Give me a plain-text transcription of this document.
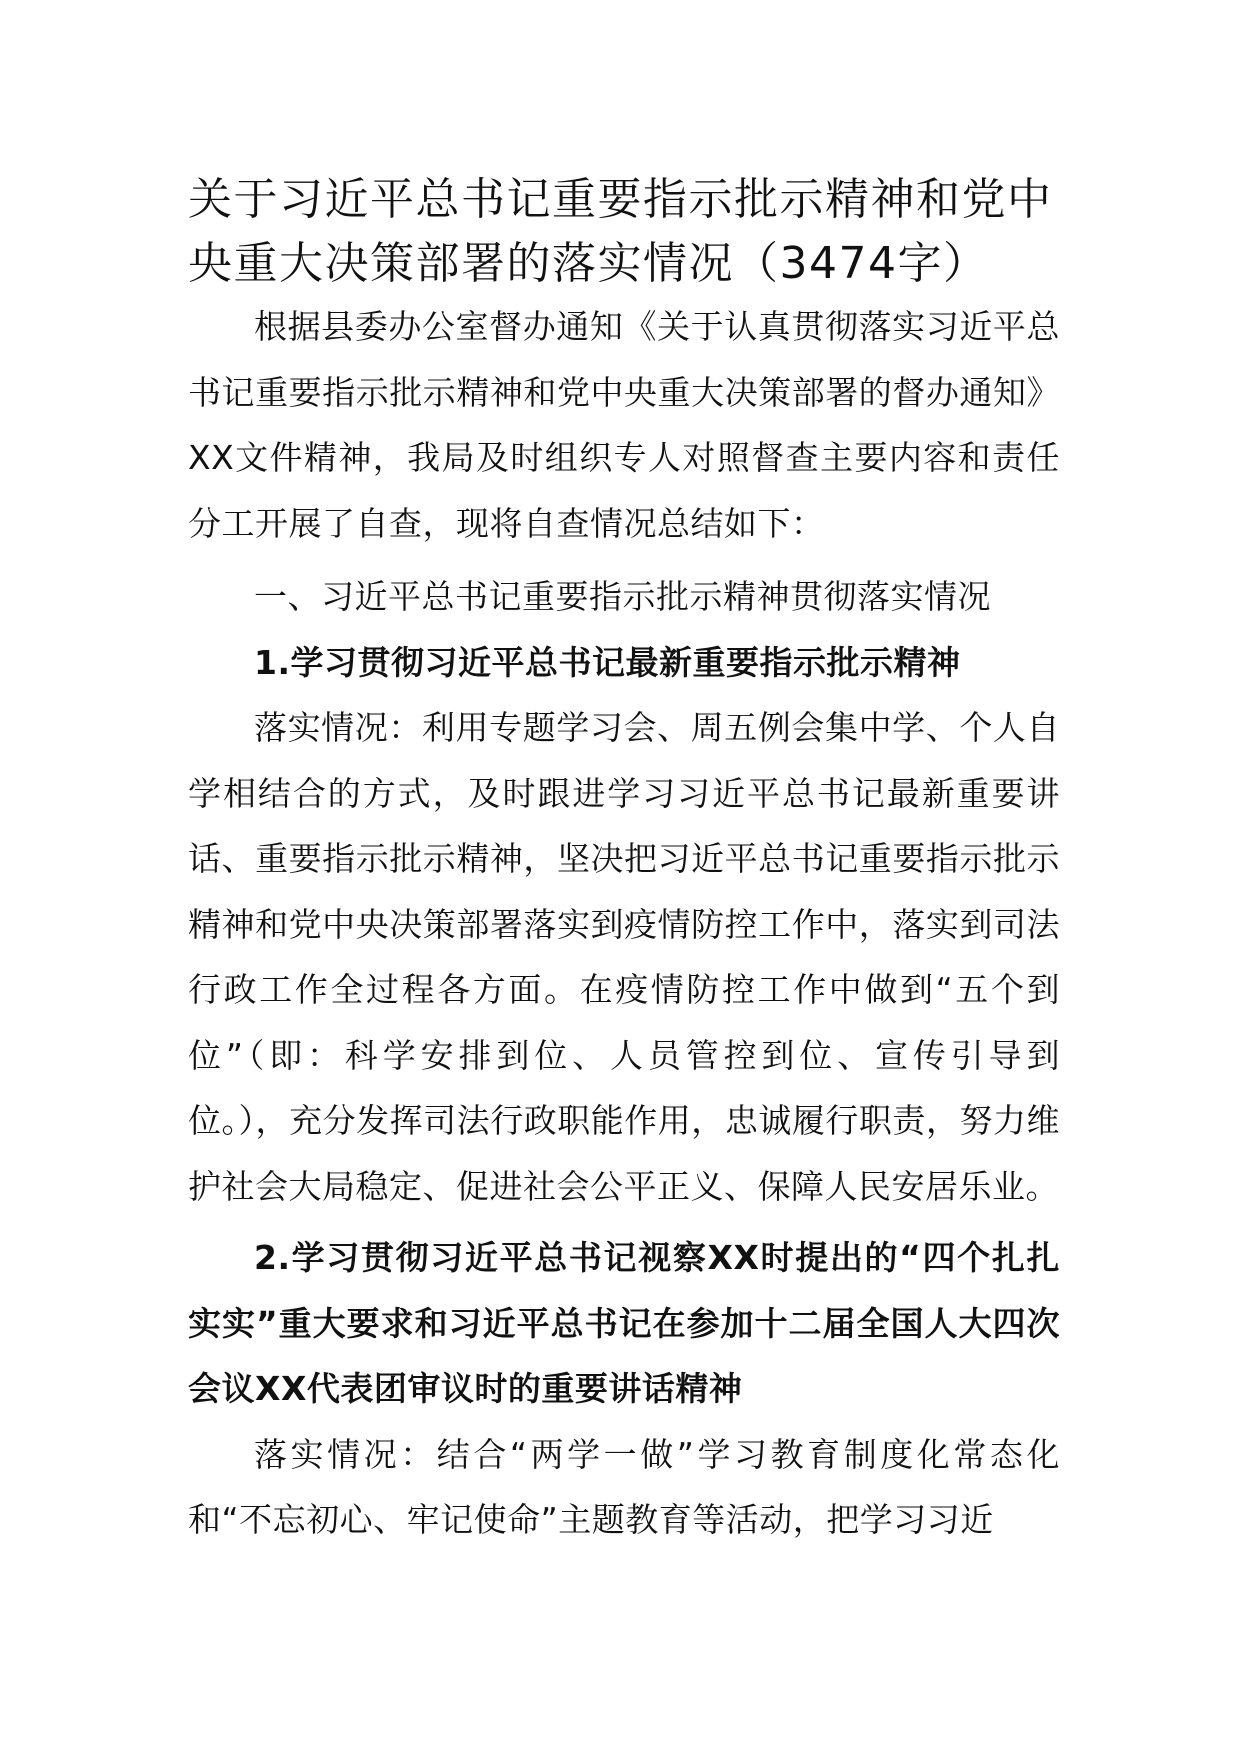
关于习近平总书记重要指示批示精神和党中央重大决策部署的落实情况（3474字）

根据县委办公室督办通知《关于认真贯彻落实习近平总书记重要指示批示精神和党中央重大决策部署的督办通知》XX文件精神，我局及时组织专人对照督查主要内容和责任分工开展了自查，现将自查情况总结如下：

一、习近平总书记重要指示批示精神贯彻落实情况

1.学习贯彻习近平总书记最新重要指示批示精神

落实情况：利用专题学习会、周五例会集中学、个人自学相结合的方式，及时跟进学习习近平总书记最新重要讲话、重要指示批示精神，坚决把习近平总书记重要指示批示精神和党中央决策部署落实到疫情防控工作中，落实到司法行政工作全过程各方面。在疫情防控工作中做到“五个到位”（即：科学安排到位、人员管控到位、宣传引导到位。），充分发挥司法行政职能作用，忠诚履行职责，努力维护社会大局稳定、促进社会公平正义、保障人民安居乐业。

2.学习贯彻习近平总书记视察XX时提出的“四个扎扎实实”重大要求和习近平总书记在参加十二届全国人大四次会议XX代表团审议时的重要讲话精神

落实情况：结合“两学一做”学习教育制度化常态化和“不忘初心、牢记使命”主题教育等活动，把学习习近
